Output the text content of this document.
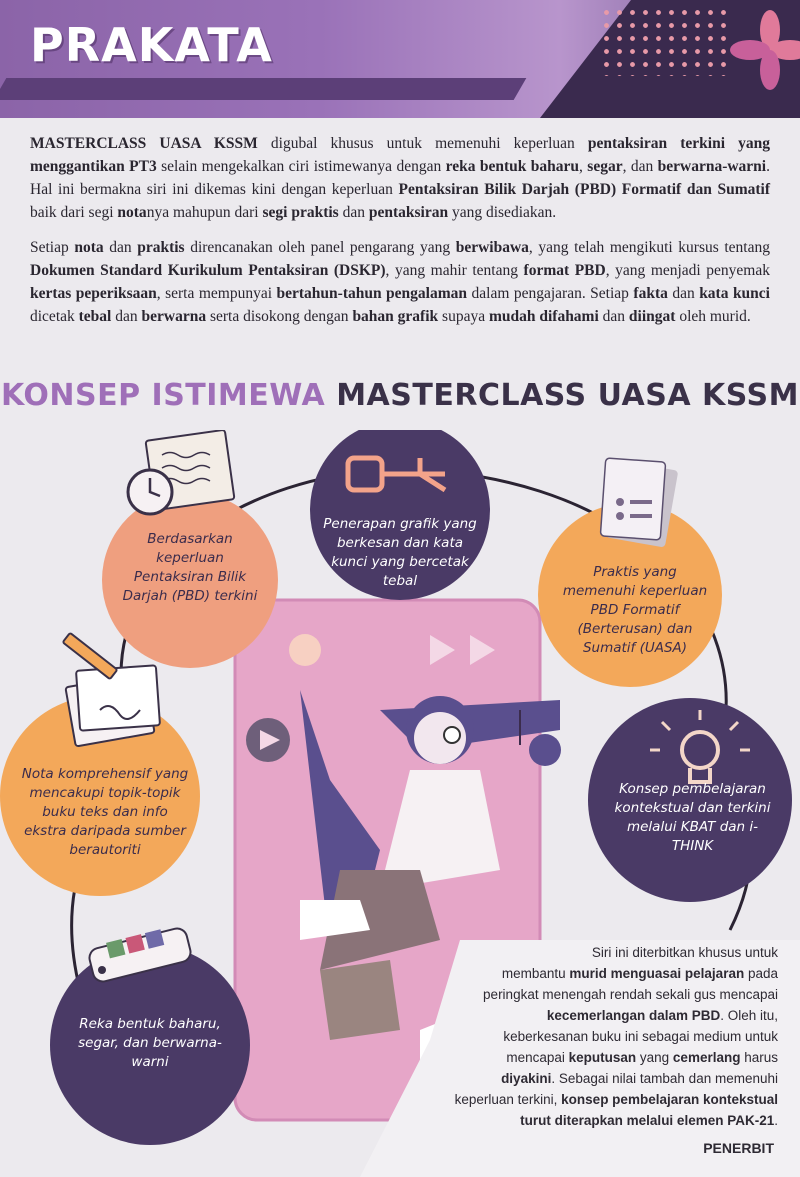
PRAKATA

MASTERCLASS UASA KSSM digubal khusus untuk memenuhi keperluan pentaksiran terkini yang menggantikan PT3 selain mengekalkan ciri istimewanya dengan reka bentuk baharu, segar, dan berwarna-warni. Hal ini bermakna siri ini dikemas kini dengan keperluan Pentaksiran Bilik Darjah (PBD) Formatif dan Sumatif baik dari segi notanya mahupun dari segi praktis dan pentaksiran yang disediakan.

Setiap nota dan praktis direncanakan oleh panel pengarang yang berwibawa, yang telah mengikuti kursus tentang Dokumen Standard Kurikulum Pentaksiran (DSKP), yang mahir tentang format PBD, yang menjadi penyemak kertas peperiksaan, serta mempunyai bertahun-tahun pengalaman dalam pengajaran. Setiap fakta dan kata kunci dicetak tebal dan berwarna serta disokong dengan bahan grafik supaya mudah difahami dan diingat oleh murid.

KONSEP ISTIMEWA MASTERCLASS UASA KSSM
Penerapan grafik yang berkesan dan kata kunci yang bercetak tebal
Berdasarkan keperluan Pentaksiran Bilik Darjah (PBD) terkini
Praktis yang memenuhi keperluan PBD Formatif (Berterusan) dan Sumatif (UASA)
Nota komprehensif yang mencakupi topik-topik buku teks dan info ekstra daripada sumber berautoriti
Konsep pembelajaran kontekstual dan terkini melalui KBAT dan i-THINK
Reka bentuk baharu, segar, dan berwarna-warni
Siri ini diterbitkan khusus untuk
membantu murid menguasai pelajaran pada
peringkat menengah rendah sekali gus mencapai
kecemerlangan dalam PBD. Oleh itu,
keberkesanan buku ini sebagai medium untuk
mencapai keputusan yang cemerlang harus
diyakini. Sebagai nilai tambah dan memenuhi
keperluan terkini, konsep pembelajaran kontekstual
turut diterapkan melalui elemen PAK-21.
PENERBIT
